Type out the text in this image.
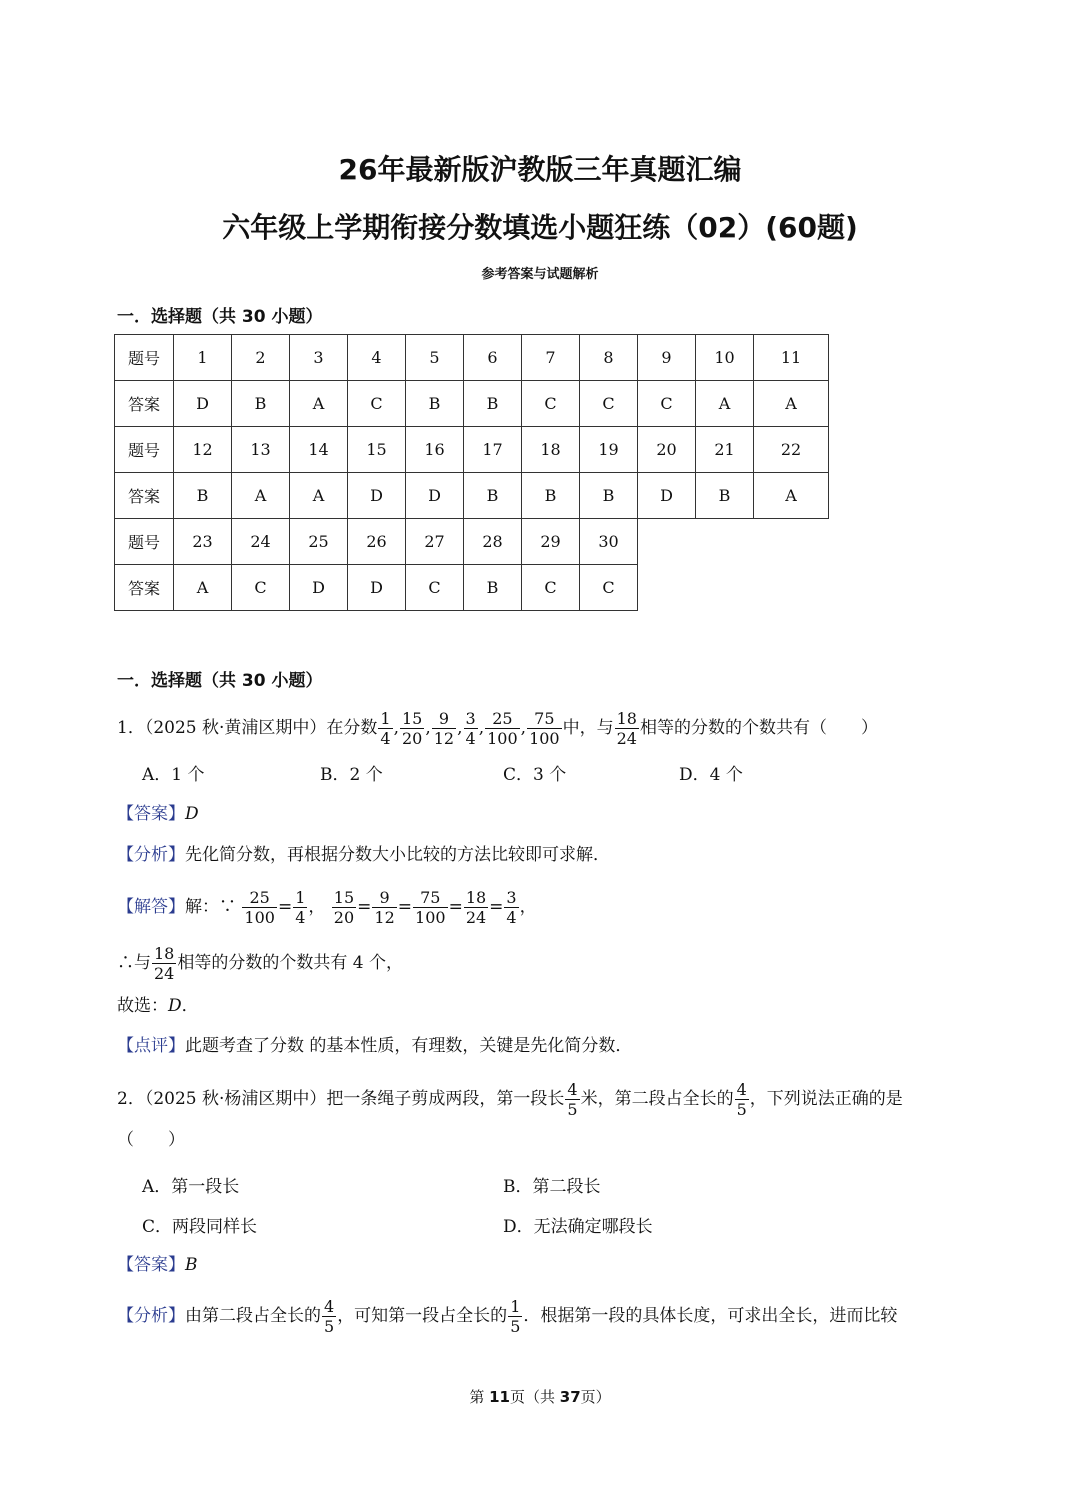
26年最新版沪教版三年真题汇编
六年级上学期衔接分数填选小题狂练（02）(60题)
参考答案与试题解析
一．选择题（共 30 小题）
题号	1	2	3	4	5	6	7	8	9	10	11
答案	D	B	A	C	B	B	C	C	C	A	A
题号	12	13	14	15	16	17	18	19	20	21	22
答案	B	A	A	D	D	B	B	B	D	B	A
题号	23	24	25	26	27	28	29	30			
答案	A	C	D	D	C	B	C	C			
一．选择题（共 30 小题）
1．（2025 秋·黄浦区期中）在分数 $\frac{1}{4}$ , $\frac{15}{20}$ , $\frac{9}{12}$ , $\frac{3}{4}$ , $\frac{25}{100}$ , $\frac{75}{100}$ 中，与 $\frac{18}{24}$ 相等的分数的个数共有（　　）
A．1 个	B．2 个	C．3 个	D．4 个
【答案】D
【分析】先化简分数，再根据分数大小比较的方法比较即可求解．
【解答】解：∵ $\frac{25}{100} = \frac{1}{4}$ ， $\frac{15}{20} = \frac{9}{12} = \frac{75}{100} = \frac{18}{24} = \frac{3}{4}$ ，
∴与 $\frac{18}{24}$ 相等的分数的个数共有 4 个，
故选：D．
【点评】此题考查了分数 的基本性质，有理数，关键是先化简分数．
2．（2025 秋·杨浦区期中）把一条绳子剪成两段，第一段长 $\frac{4}{5}$ 米，第二段占全长的 $\frac{4}{5}$ ，下列说法正确的是
（　　）
A．第一段长	B．第二段长
C．两段同样长	D．无法确定哪段长
【答案】B
【分析】由第二段占全长的 $\frac{4}{5}$ ，可知第一段占全长的 $\frac{1}{5}$ ．根据第一段的具体长度，可求出全长，进而比较
第 11页（共 37页）
